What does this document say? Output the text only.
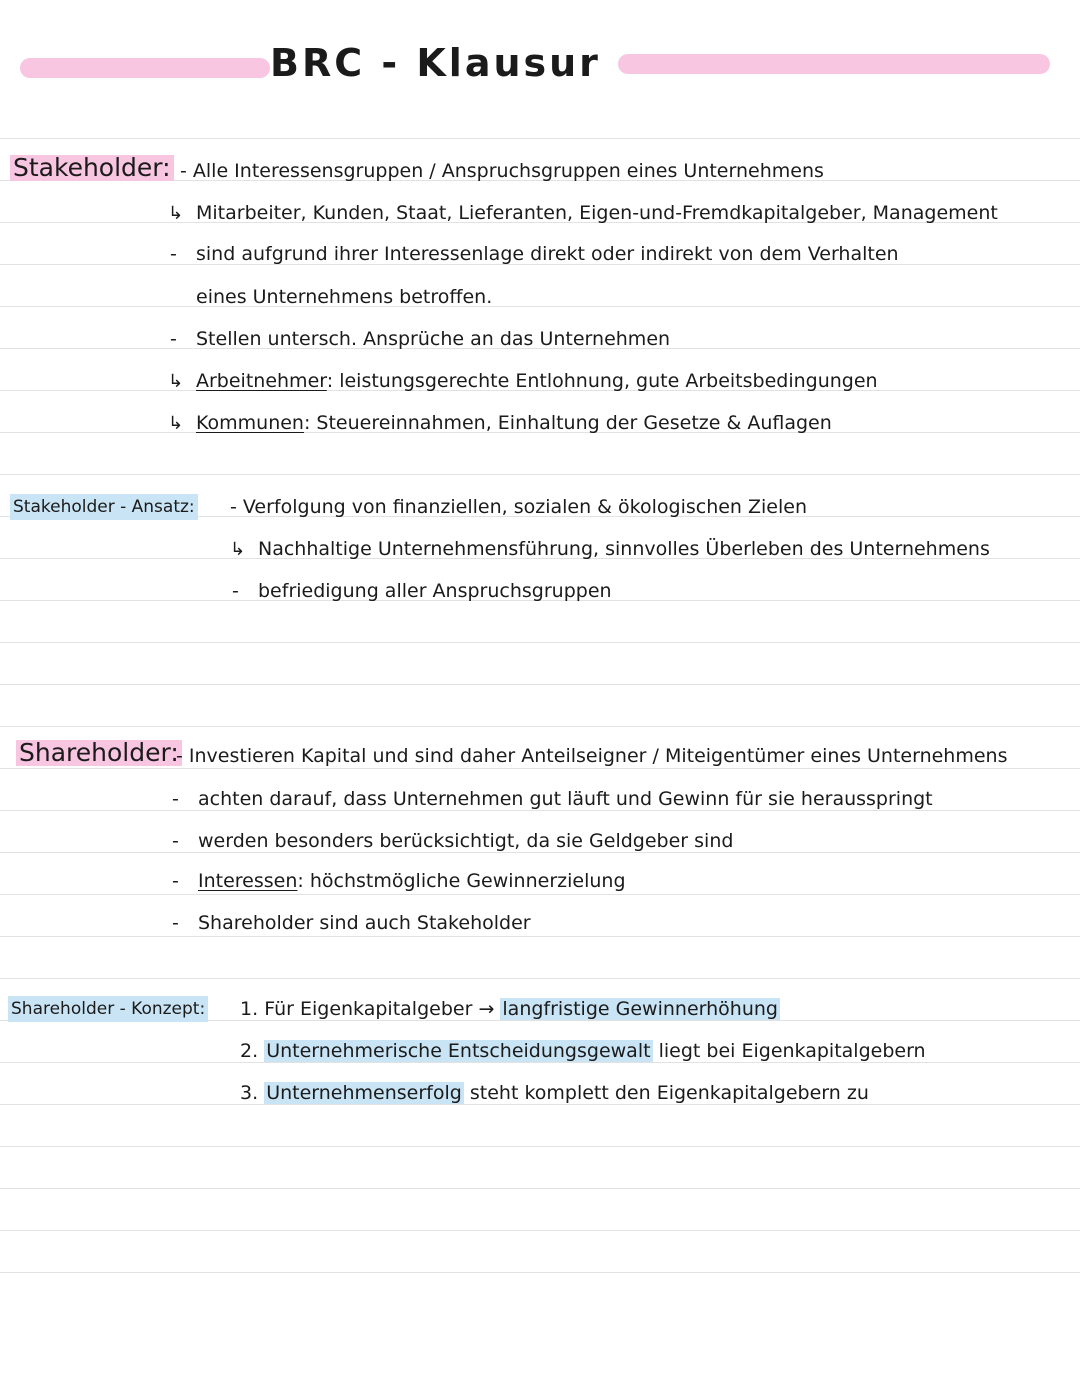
BRC - Klausur
Stakeholder: - Alle Interessensgruppen / Anspruchsgruppen eines Unternehmens
↳ Mitarbeiter, Kunden, Staat, Lieferanten, Eigen-und-Fremdkapitalgeber, Management
- sind aufgrund ihrer Interessenlage direkt oder indirekt von dem Verhalten
eines Unternehmens betroffen.
- Stellen untersch. Ansprüche an das Unternehmen
↳ Arbeitnehmer: leistungsgerechte Entlohnung, gute Arbeitsbedingungen
↳ Kommunen: Steuereinnahmen, Einhaltung der Gesetze & Auflagen
Stakeholder - Ansatz: - Verfolgung von finanziellen, sozialen & ökologischen Zielen
↳ Nachhaltige Unternehmensführung, sinnvolles Überleben des Unternehmens
- befriedigung aller Anspruchsgruppen
Shareholder:
- Investieren Kapital und sind daher Anteilseigner / Miteigentümer eines Unternehmens
- achten darauf, dass Unternehmen gut läuft und Gewinn für sie herausspringt
- werden besonders berücksichtigt, da sie Geldgeber sind
- Interessen: höchstmögliche Gewinnerzielung
- Shareholder sind auch Stakeholder
Shareholder - Konzept: 1. Für Eigenkapitalgeber → langfristige Gewinnerhöhung
2. Unternehmerische Entscheidungsgewalt liegt bei Eigenkapitalgebern
3. Unternehmenserfolg steht komplett den Eigenkapitalgebern zu
